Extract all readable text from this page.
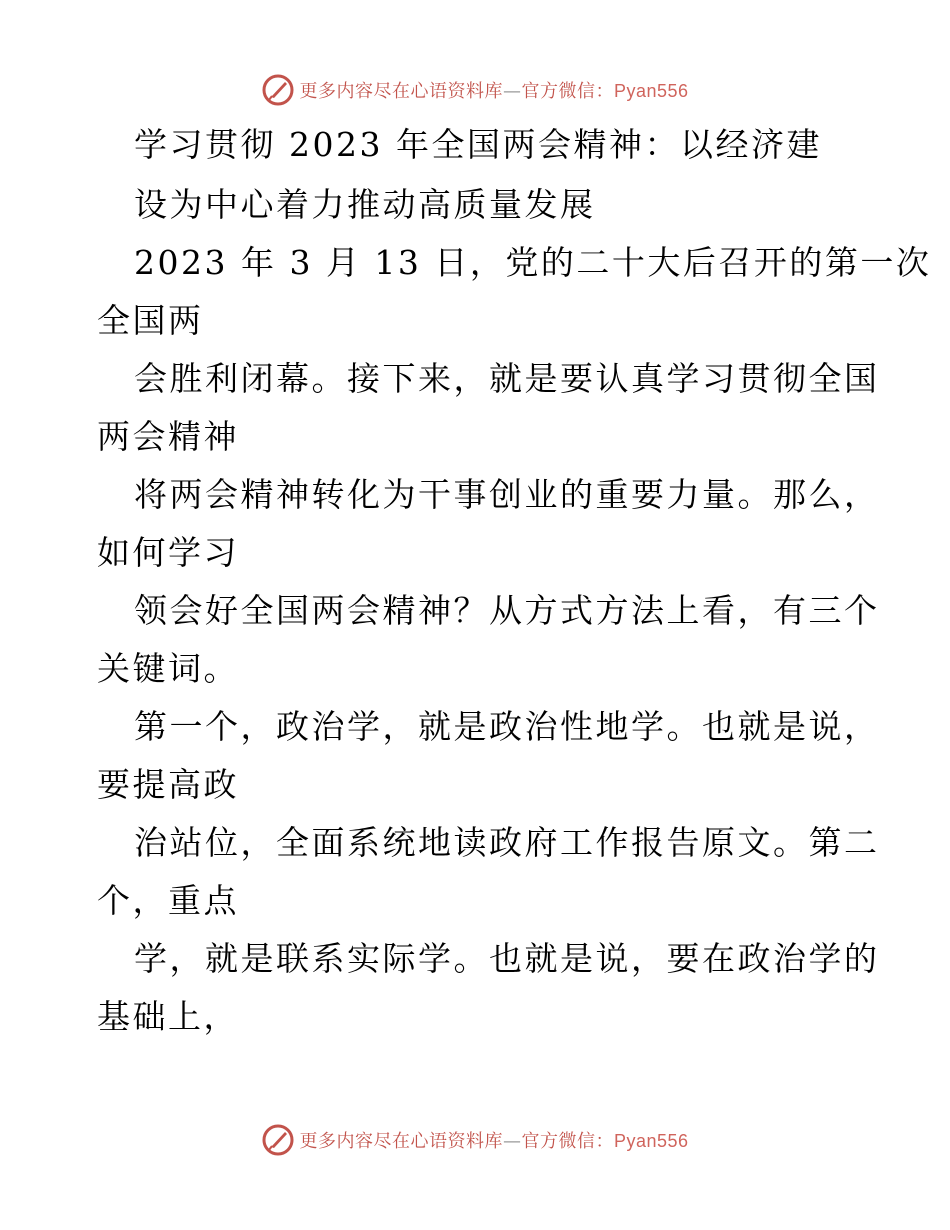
更多内容尽在心语资料库—官方微信：Pyan556
学习贯彻 2023 年全国两会精神：以经济建
设为中心着力推动高质量发展
2023 年 3 月 13 日，党的二十大后召开的第一次
全国两
会胜利闭幕。接下来，就是要认真学习贯彻全国
两会精神
将两会精神转化为干事创业的重要力量。那么，
如何学习
领会好全国两会精神？从方式方法上看，有三个
关键词。
第一个，政治学，就是政治性地学。也就是说，
要提高政
治站位，全面系统地读政府工作报告原文。第二
个，重点
学，就是联系实际学。也就是说，要在政治学的
基础上，
更多内容尽在心语资料库—官方微信：Pyan556
